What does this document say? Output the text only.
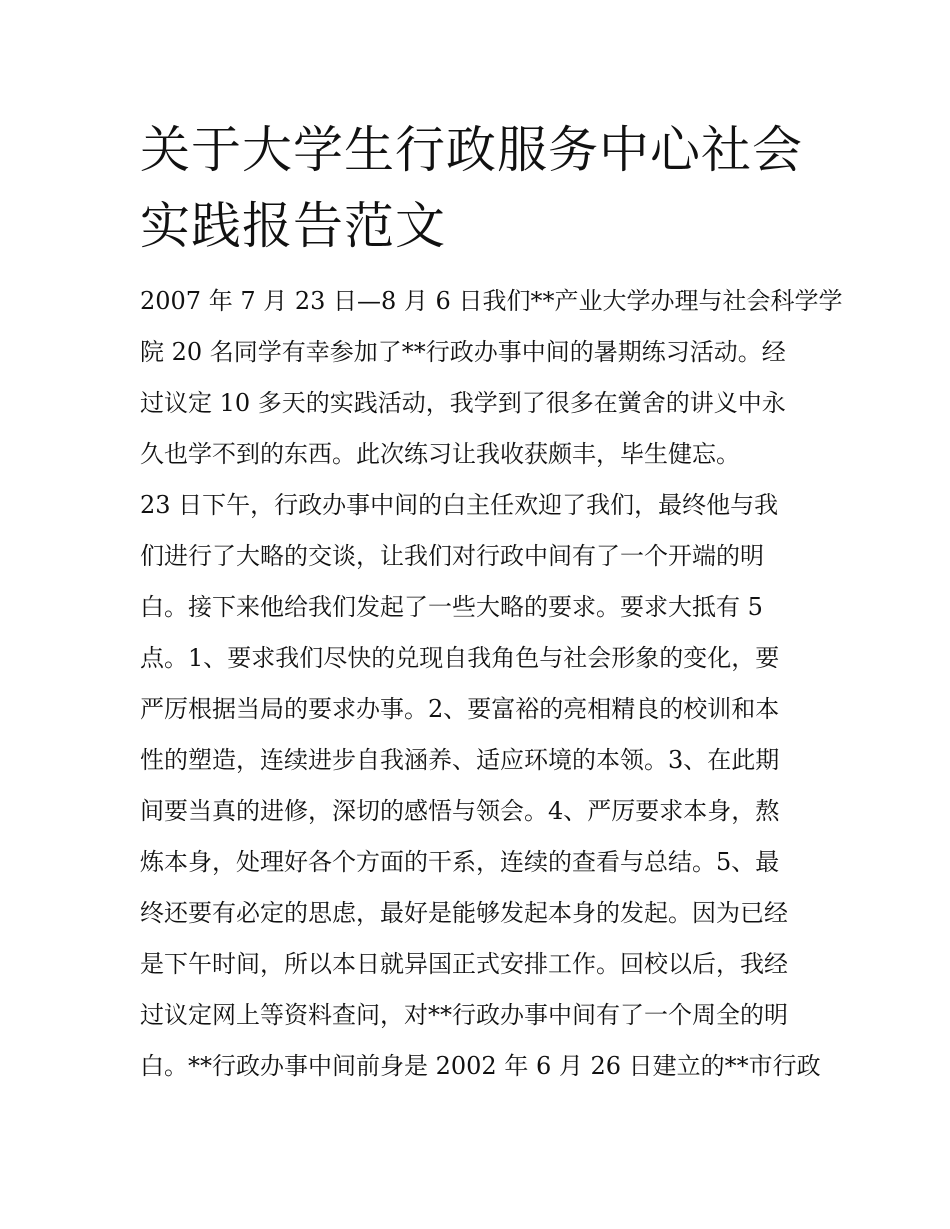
关于大学生行政服务中心社会
实践报告范文
2007 年 7 月 23 日—8 月 6 日我们**产业大学办理与社会科学学
院 20 名同学有幸参加了**行政办事中间的暑期练习活动。经
过议定 10 多天的实践活动，我学到了很多在黉舍的讲义中永
久也学不到的东西。此次练习让我收获颇丰，毕生健忘。
23 日下午，行政办事中间的白主任欢迎了我们，最终他与我
们进行了大略的交谈，让我们对行政中间有了一个开端的明
白。接下来他给我们发起了一些大略的要求。要求大抵有 5
点。1、要求我们尽快的兑现自我角色与社会形象的变化，要
严厉根据当局的要求办事。2、要富裕的亮相精良的校训和本
性的塑造，连续进步自我涵养、适应环境的本领。3、在此期
间要当真的进修，深切的感悟与领会。4、严厉要求本身，熬
炼本身，处理好各个方面的干系，连续的查看与总结。5、最
终还要有必定的思虑，最好是能够发起本身的发起。因为已经
是下午时间，所以本日就异国正式安排工作。回校以后，我经
过议定网上等资料查问，对**行政办事中间有了一个周全的明
白。**行政办事中间前身是 2002 年 6 月 26 日建立的**市行政
